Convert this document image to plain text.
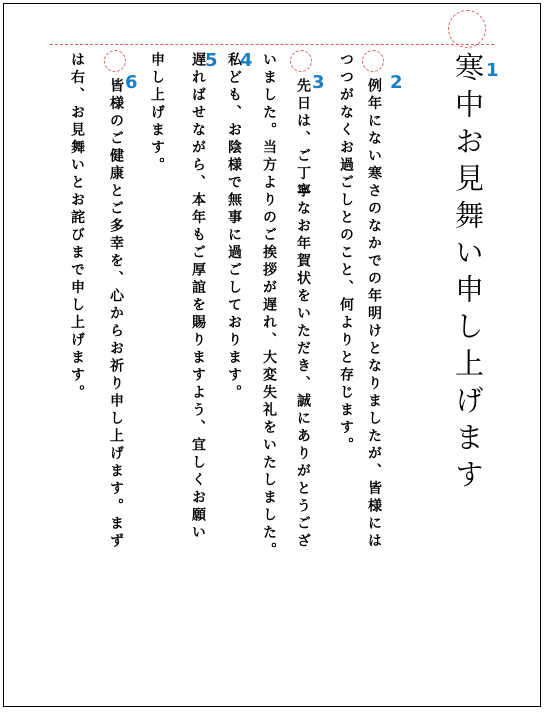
寒中お見舞い申し上げます
例年にない寒さのなかでの年明けとなりましたが、皆様には
つつがなくお過ごしとのこと、何よりと存じます。
先日は、ご丁寧なお年賀状をいただき、誠にありがとうござ
いました。当方よりのご挨拶が遅れ、大変失礼をいたしました。
私ども、お陰様で無事に過ごしております。
遅ればせながら、本年もご厚誼を賜りますよう、宜しくお願い
申し上げます。
皆様のご健康とご多幸を、心からお祈り申し上げます。まず
は右、お見舞いとお詫びまで申し上げます。	1
2
3
4
5
6
